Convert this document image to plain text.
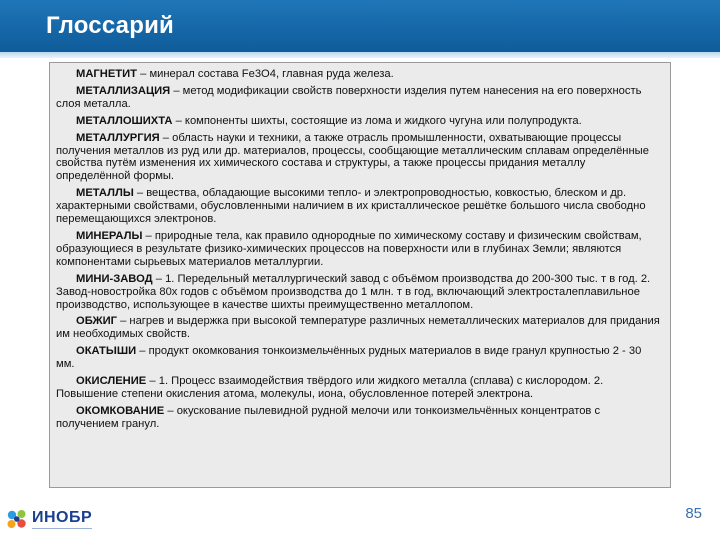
Глоссарий

МАГНЕТИТ – минерал состава Fe3O4, главная руда железа.

МЕТАЛЛИЗАЦИЯ – метод модификации свойств поверхности изделия путем нанесения на его поверхность слоя металла.

МЕТАЛЛОШИХТА – компоненты шихты, состоящие из лома и жидкого чугуна или полупродукта.

МЕТАЛЛУРГИЯ – область науки и техники, а также отрасль промышленности, охватывающие процессы получения металлов из руд или др. материалов, процессы, сообщающие металлическим сплавам определённые свойства путём изменения их химического состава и структуры, а также процессы придания металлу определённой формы.

МЕТАЛЛЫ – вещества, обладающие высокими тепло- и электропроводностью, ковкостью, блеском и др. характерными свойствами, обусловленными наличием в их кристаллическое решётке большого числа свободно перемещающихся электронов.

МИНЕРАЛЫ – природные тела, как правило однородные по химическому составу и физическим свойствам, образующиеся в результате физико-химических процессов на поверхности или в глубинах Земли; являются компонентами сырьевых материалов металлургии.

МИНИ-ЗАВОД – 1. Передельный металлургический завод с объёмом производства до 200-300 тыс. т в год. 2. Завод-новостройка 80х годов с объёмом производства до 1 млн. т в год, включающий электросталеплавильное производство, использующее в качестве шихты преимущественно металлопом.

ОБЖИГ – нагрев и выдержка при высокой температуре различных неметаллических материалов для придания им необходимых свойств.

ОКАТЫШИ – продукт окомкования тонкоизмельчённых рудных материалов в виде гранул крупностью 2 - 30 мм.

ОКИСЛЕНИЕ – 1. Процесс взаимодействия твёрдого или жидкого металла (сплава) с кислородом. 2. Повышение степени окисления атома, молекулы, иона, обусловленное потерей электрона.

ОКОМКОВАНИЕ – окускование пылевидной рудной мелочи или тонкоизмельчённых концентратов с получением гранул.

ИНОБР	85
